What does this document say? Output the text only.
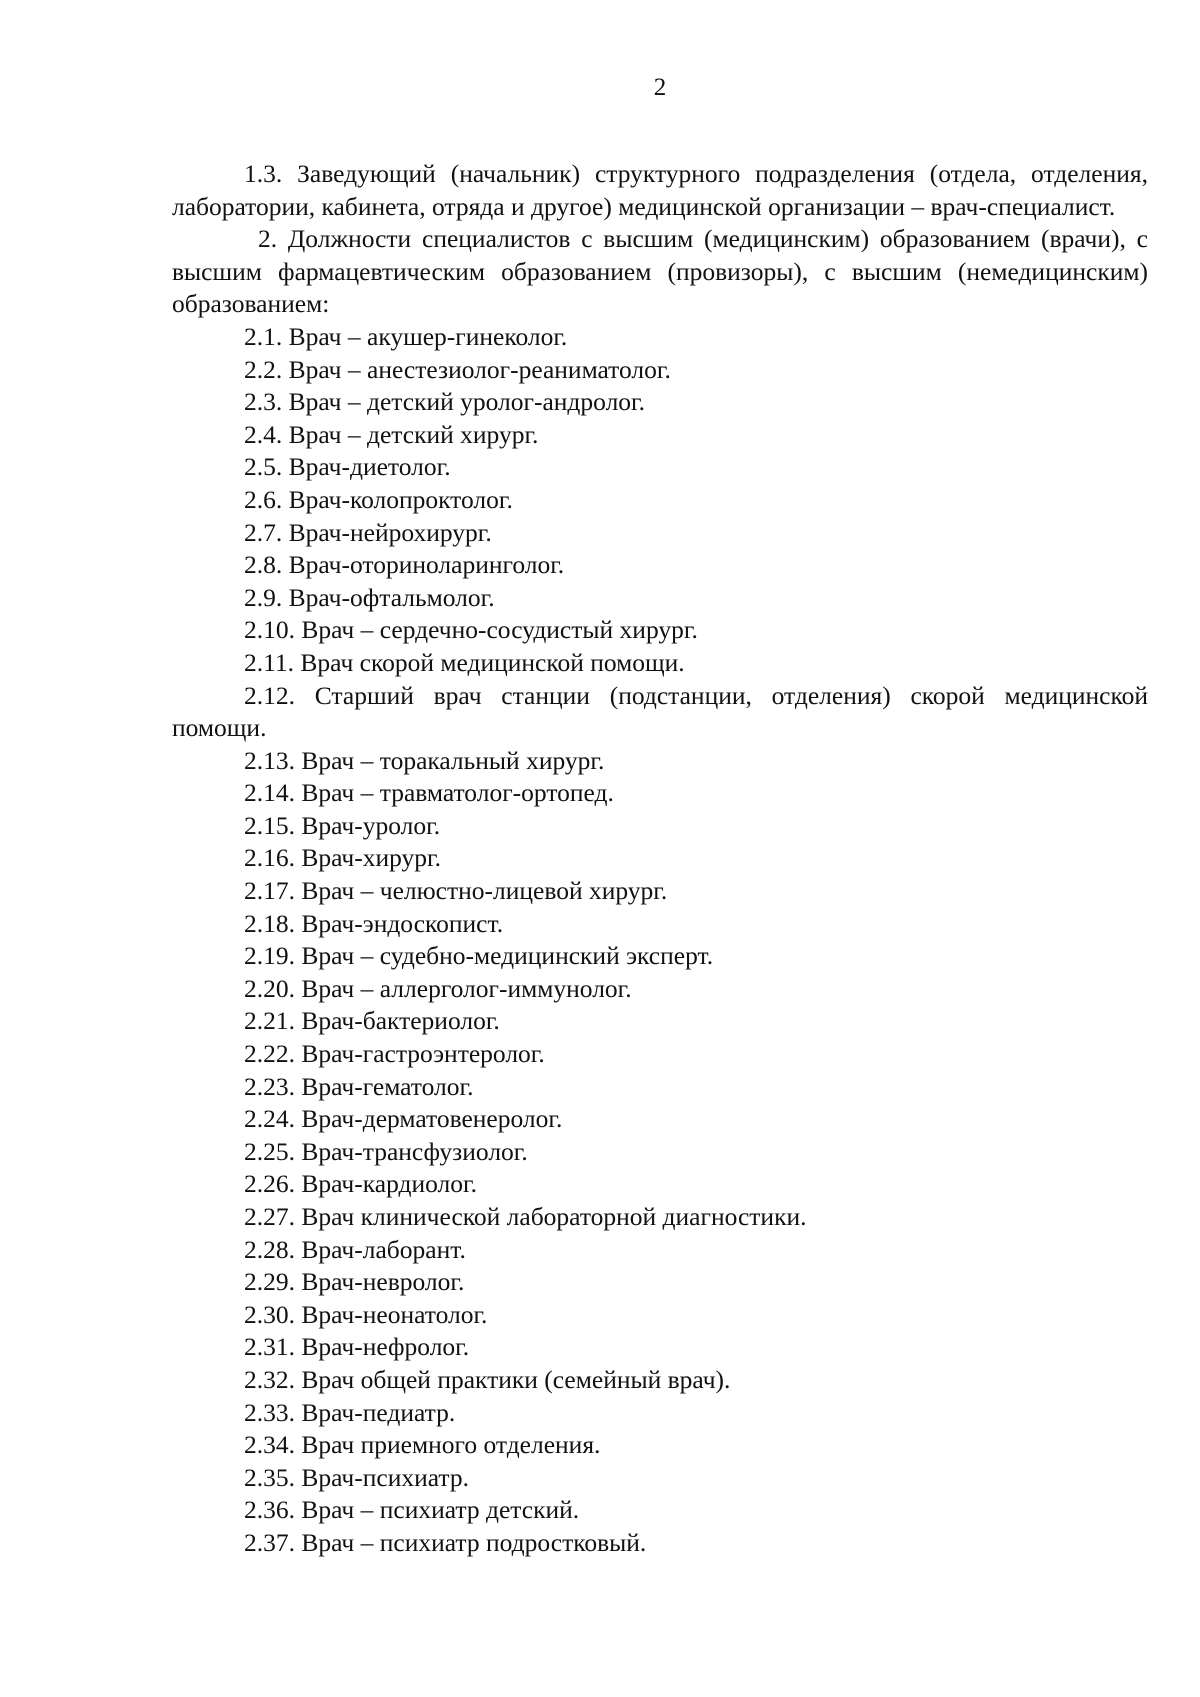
2

1.3. Заведующий (начальник) структурного подразделения (отдела, отделения, лаборатории, кабинета, отряда и другое) медицинской организации – врач-специалист.

2. Должности специалистов с высшим (медицинским) образованием (врачи), с высшим фармацевтическим образованием (провизоры), с высшим (немедицинским) образованием:

2.1. Врач – акушер-гинеколог.

2.2. Врач – анестезиолог-реаниматолог.

2.3. Врач – детский уролог-андролог.

2.4. Врач – детский хирург.

2.5. Врач-диетолог.

2.6. Врач-колопроктолог.

2.7. Врач-нейрохирург.

2.8. Врач-оториноларинголог.

2.9. Врач-офтальмолог.

2.10. Врач – сердечно-сосудистый хирург.

2.11. Врач скорой медицинской помощи.

2.12. Старший врач станции (подстанции, отделения) скорой медицинской помощи.

2.13. Врач – торакальный хирург.

2.14. Врач – травматолог-ортопед.

2.15. Врач-уролог.

2.16. Врач-хирург.

2.17. Врач – челюстно-лицевой хирург.

2.18. Врач-эндоскопист.

2.19. Врач – судебно-медицинский эксперт.

2.20. Врач – аллерголог-иммунолог.

2.21. Врач-бактериолог.

2.22. Врач-гастроэнтеролог.

2.23. Врач-гематолог.

2.24. Врач-дерматовенеролог.

2.25. Врач-трансфузиолог.

2.26. Врач-кардиолог.

2.27. Врач клинической лабораторной диагностики.

2.28. Врач-лаборант.

2.29. Врач-невролог.

2.30. Врач-неонатолог.

2.31. Врач-нефролог.

2.32. Врач общей практики (семейный врач).

2.33. Врач-педиатр.

2.34. Врач приемного отделения.

2.35. Врач-психиатр.

2.36. Врач – психиатр детский.

2.37. Врач – психиатр подростковый.
